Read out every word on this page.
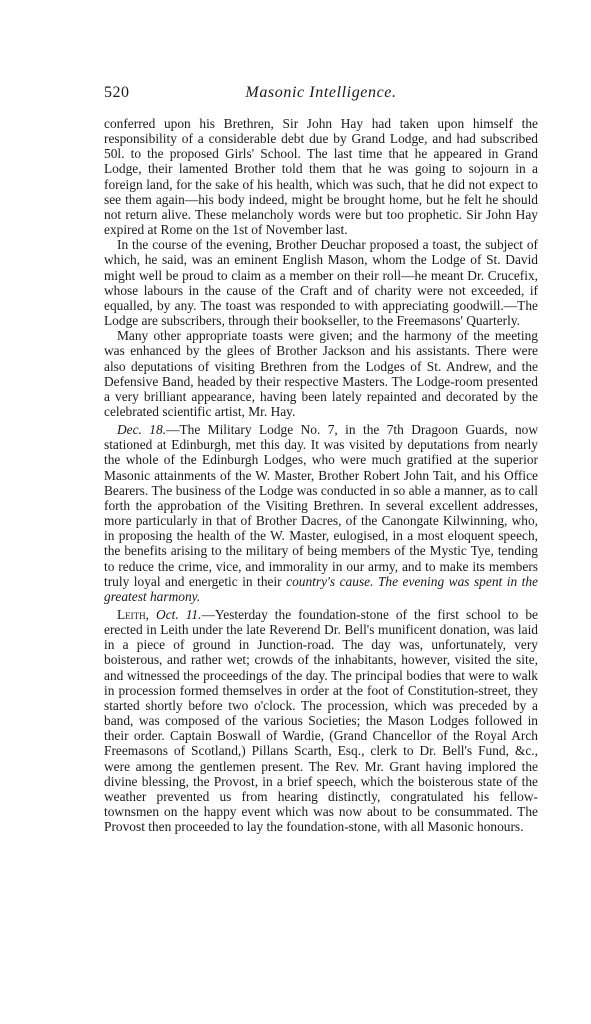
520	Masonic Intelligence.

conferred upon his Brethren, Sir John Hay had taken upon himself the responsibility of a considerable debt due by Grand Lodge, and had subscribed 50l. to the proposed Girls' School. The last time that he appeared in Grand Lodge, their lamented Brother told them that he was going to sojourn in a foreign land, for the sake of his health, which was such, that he did not expect to see them again—his body indeed, might be brought home, but he felt he should not return alive. These melancholy words were but too prophetic. Sir John Hay expired at Rome on the 1st of November last.

In the course of the evening, Brother Deuchar proposed a toast, the subject of which, he said, was an eminent English Mason, whom the Lodge of St. David might well be proud to claim as a member on their roll—he meant Dr. Crucefix, whose labours in the cause of the Craft and of charity were not exceeded, if equalled, by any. The toast was responded to with appreciating goodwill.—The Lodge are subscribers, through their bookseller, to the Freemasons' Quarterly.

Many other appropriate toasts were given; and the harmony of the meeting was enhanced by the glees of Brother Jackson and his assistants. There were also deputations of visiting Brethren from the Lodges of St. Andrew, and the Defensive Band, headed by their respective Masters. The Lodge-room presented a very brilliant appearance, having been lately repainted and decorated by the celebrated scientific artist, Mr. Hay.

Dec. 18.—The Military Lodge No. 7, in the 7th Dragoon Guards, now stationed at Edinburgh, met this day. It was visited by deputations from nearly the whole of the Edinburgh Lodges, who were much gratified at the superior Masonic attainments of the W. Master, Brother Robert John Tait, and his Office Bearers. The business of the Lodge was conducted in so able a manner, as to call forth the approbation of the Visiting Brethren. In several excellent addresses, more particularly in that of Brother Dacres, of the Canongate Kilwinning, who, in proposing the health of the W. Master, eulogised, in a most eloquent speech, the benefits arising to the military of being members of the Mystic Tye, tending to reduce the crime, vice, and immorality in our army, and to make its members truly loyal and energetic in their country's cause. The evening was spent in the greatest harmony.

Leith, Oct. 11.—Yesterday the foundation-stone of the first school to be erected in Leith under the late Reverend Dr. Bell's munificent donation, was laid in a piece of ground in Junction-road. The day was, unfortunately, very boisterous, and rather wet; crowds of the inhabitants, however, visited the site, and witnessed the proceedings of the day. The principal bodies that were to walk in procession formed themselves in order at the foot of Constitution-street, they started shortly before two o'clock. The procession, which was preceded by a band, was composed of the various Societies; the Mason Lodges followed in their order. Captain Boswall of Wardie, (Grand Chancellor of the Royal Arch Freemasons of Scotland,) Pillans Scarth, Esq., clerk to Dr. Bell's Fund, &c., were among the gentlemen present. The Rev. Mr. Grant having implored the divine blessing, the Provost, in a brief speech, which the boisterous state of the weather prevented us from hearing distinctly, congratulated his fellow-townsmen on the happy event which was now about to be consummated. The Provost then proceeded to lay the foundation-stone, with all Masonic honours.
